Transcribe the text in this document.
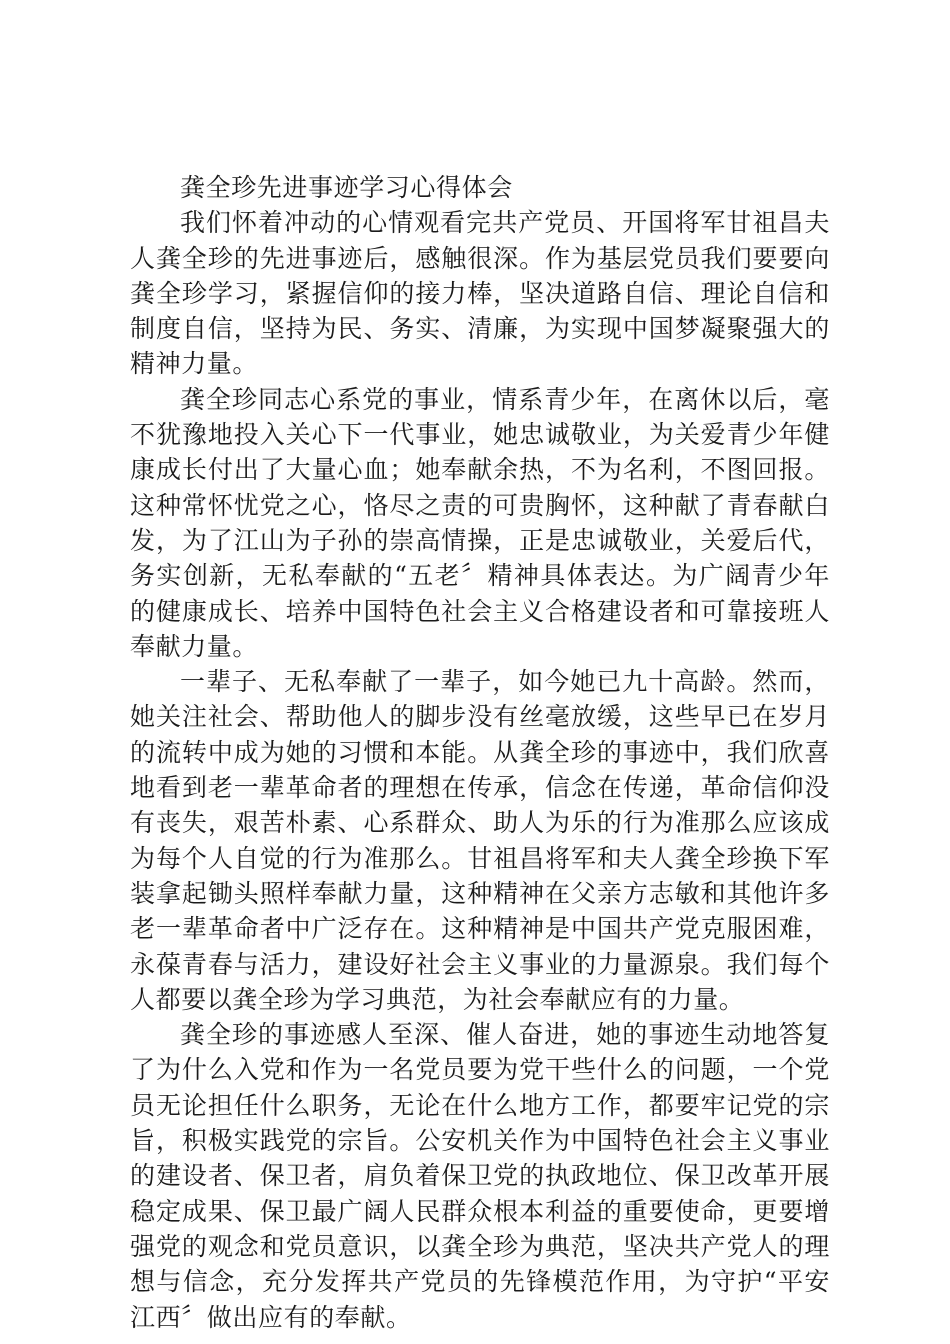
龚全珍先进事迹学习心得体会

我们怀着冲动的心情观看完共产党员、开国将军甘祖昌夫人龚全珍的先进事迹后，感触很深。作为基层党员我们要要向龚全珍学习，紧握信仰的接力棒，坚决道路自信、理论自信和制度自信，坚持为民、务实、清廉，为实现中国梦凝聚强大的精神力量。

龚全珍同志心系党的事业，情系青少年，在离休以后，毫不犹豫地投入关心下一代事业，她忠诚敬业，为关爱青少年健康成长付出了大量心血；她奉献余热，不为名利，不图回报。这种常怀忧党之心，恪尽之责的可贵胸怀，这种献了青春献白发，为了江山为子孙的崇高情操，正是忠诚敬业，关爱后代，务实创新，无私奉献的“五老〞精神具体表达。为广阔青少年的健康成长、培养中国特色社会主义合格建设者和可靠接班人奉献力量。

一辈子、无私奉献了一辈子，如今她已九十高龄。然而，她关注社会、帮助他人的脚步没有丝毫放缓，这些早已在岁月的流转中成为她的习惯和本能。从龚全珍的事迹中，我们欣喜地看到老一辈革命者的理想在传承，信念在传递，革命信仰没有丧失，艰苦朴素、心系群众、助人为乐的行为准那么应该成为每个人自觉的行为准那么。甘祖昌将军和夫人龚全珍换下军装拿起锄头照样奉献力量，这种精神在父亲方志敏和其他许多老一辈革命者中广泛存在。这种精神是中国共产党克服困难，永葆青春与活力，建设好社会主义事业的力量源泉。我们每个人都要以龚全珍为学习典范，为社会奉献应有的力量。

龚全珍的事迹感人至深、催人奋进，她的事迹生动地答复了为什么入党和作为一名党员要为党干些什么的问题，一个党员无论担任什么职务，无论在什么地方工作，都要牢记党的宗旨，积极实践党的宗旨。公安机关作为中国特色社会主义事业的建设者、保卫者，肩负着保卫党的执政地位、保卫改革开展稳定成果、保卫最广阔人民群众根本利益的重要使命，更要增强党的观念和党员意识，以龚全珍为典范，坚决共产党人的理想与信念，充分发挥共产党员的先锋模范作用，为守护“平安江西〞做出应有的奉献。
